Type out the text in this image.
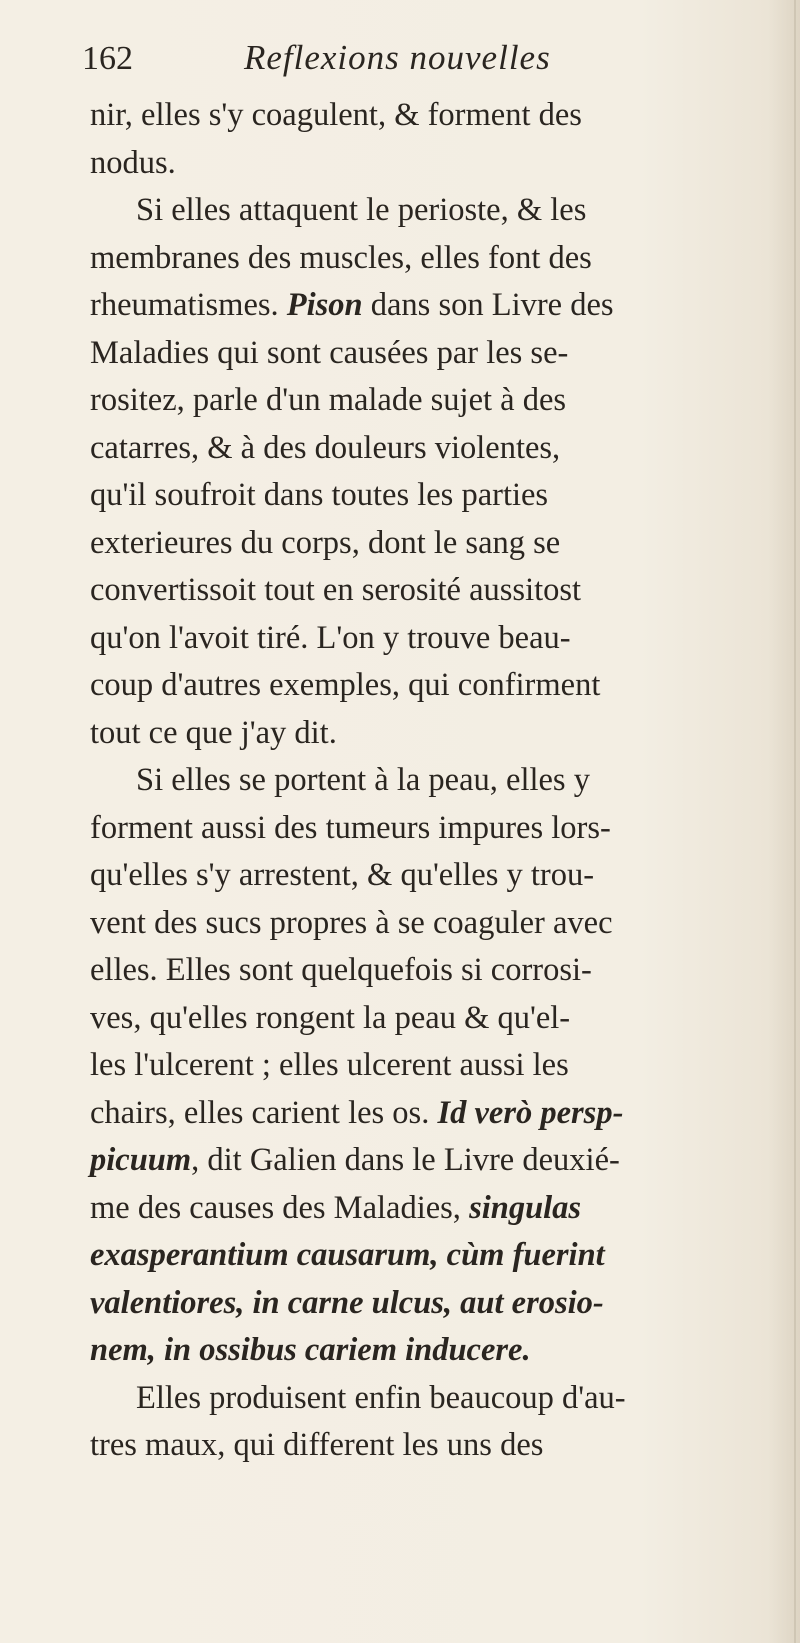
162	Reflexions nouvelles
nir, elles s'y coagulent, & forment des
nodus.
Si elles attaquent le perioste, & les
membranes des muscles, elles font des
rheumatismes. Pison dans son Livre des
Maladies qui sont causées par les se-
rositez, parle d'un malade sujet à des
catarres, & à des douleurs violentes,
qu'il soufroit dans toutes les parties
exterieures du corps, dont le sang se
convertissoit tout en serosité aussitost
qu'on l'avoit tiré. L'on y trouve beau-
coup d'autres exemples, qui confirment
tout ce que j'ay dit.
Si elles se portent à la peau, elles y
forment aussi des tumeurs impures lors-
qu'elles s'y arrestent, & qu'elles y trou-
vent des sucs propres à se coaguler avec
elles. Elles sont quelquefois si corrosi-
ves, qu'elles rongent la peau & qu'el-
les l'ulcerent ; elles ulcerent aussi les
chairs, elles carient les os. Id verò persp-
picuum, dit Galien dans le Livre deuxié-
me des causes des Maladies, singulas
exasperantium causarum, cùm fuerint
valentiores, in carne ulcus, aut erosio-
nem, in ossibus cariem inducere.
Elles produisent enfin beaucoup d'au-
tres maux, qui different les uns des
